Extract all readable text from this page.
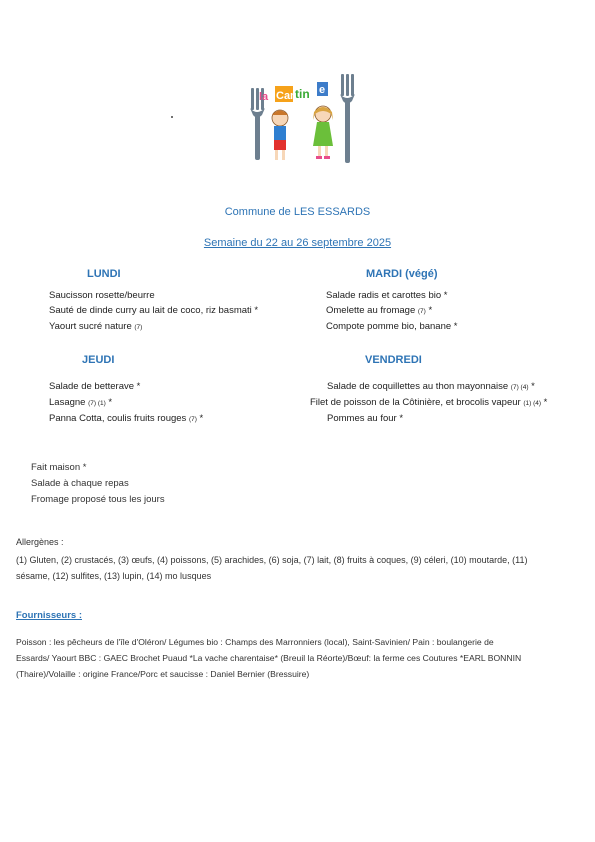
la Can
tin e
Commune de LES ESSARDS
Semaine du 22 au 26 septembre 2025
LUNDI
Saucisson rosette/beurre
Sauté de dinde curry au lait de coco, riz basmati *
Yaourt sucré nature (7)
MARDI (végé)
Salade radis et carottes bio *
Omelette au fromage (7) *
Compote pomme bio, banane *
JEUDI
Salade de betterave *
Lasagne (7) (1) *
Panna Cotta, coulis fruits rouges (7) *
VENDREDI
Salade de coquillettes au thon mayonnaise (7) (4) *
Filet de poisson de la Côtinière, et brocolis vapeur (1) (4) *
Pommes au four *
Fait maison *
Salade à chaque repas
Fromage proposé tous les jours
Allergènes :
(1) Gluten, (2) crustacés, (3) œufs, (4) poissons, (5) arachides, (6) soja, (7) lait, (8) fruits à coques, (9) céleri, (10) moutarde, (11)
sésame, (12) sulfites, (13) lupin, (14) mo lusques
Fournisseurs :
Poisson : les pêcheurs de l'île d'Oléron/ Légumes bio : Champs des Marronniers (local), Saint-Savinien/ Pain : boulangerie de
Essards/ Yaourt BBC : GAEC Brochet Puaud *La vache charentaise* (Breuil la Réorte)/Bœuf: la ferme ces Coutures *EARL BONNIN
(Thaire)/Volaille : origine France/Porc et saucisse : Daniel Bernier (Bressuire)
